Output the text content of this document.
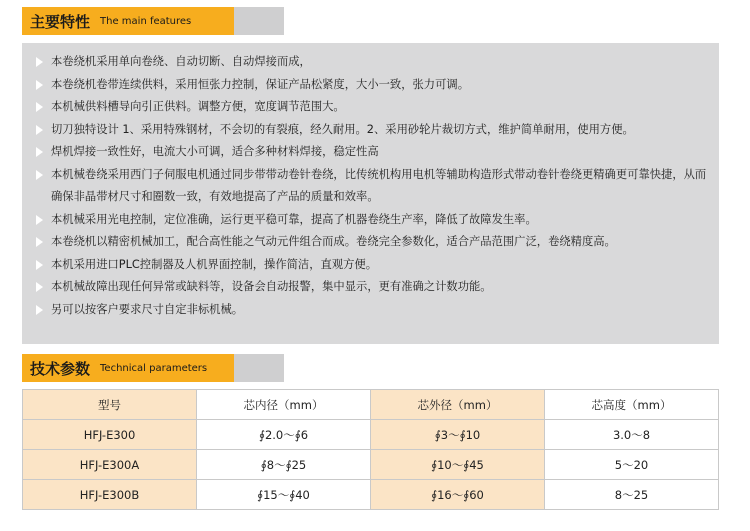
主要特性 The main features
本卷绕机采用单向卷绕、自动切断、自动焊接而成，
本卷绕机卷带连续供料，采用恒张力控制，保证产品松紧度，大小一致，张力可调。
本机械供料槽导向引正供料。调整方便，宽度调节范围大。
切刀独特设计 1、采用特殊钢材，不会切的有裂痕，经久耐用。2、采用砂轮片裁切方式，维护简单耐用，使用方便。
焊机焊接一致性好，电流大小可调，适合多种材料焊接，稳定性高
本机械卷绕采用西门子伺服电机通过同步带带动卷针卷绕，比传统机构用电机等辅助构造形式带动卷针卷绕更精确更可靠快捷，从而确保非晶带材尺寸和圈数一致，有效地提高了产品的质量和效率。
本机械采用光电控制，定位准确，运行更平稳可靠，提高了机器卷绕生产率，降低了故障发生率。
本卷绕机以精密机械加工，配合高性能之气动元件组合而成。卷绕完全参数化，适合产品范围广泛，卷绕精度高。
本机采用进口PLC控制器及人机界面控制，操作简洁，直观方便。
本机械故障出现任何异常或缺料等，设备会自动报警，集中显示，更有准确之计数功能。
另可以按客户要求尺寸自定非标机械。
技术参数 Technical parameters
型号	芯内径（mm）	芯外径（mm）	芯高度（mm）
HFJ-E300	∮2.0～∮6	∮3～∮10	3.0～8
HFJ-E300A	∮8～∮25	∮10～∮45	5～20
HFJ-E300B	∮15～∮40	∮16～∮60	8～25
